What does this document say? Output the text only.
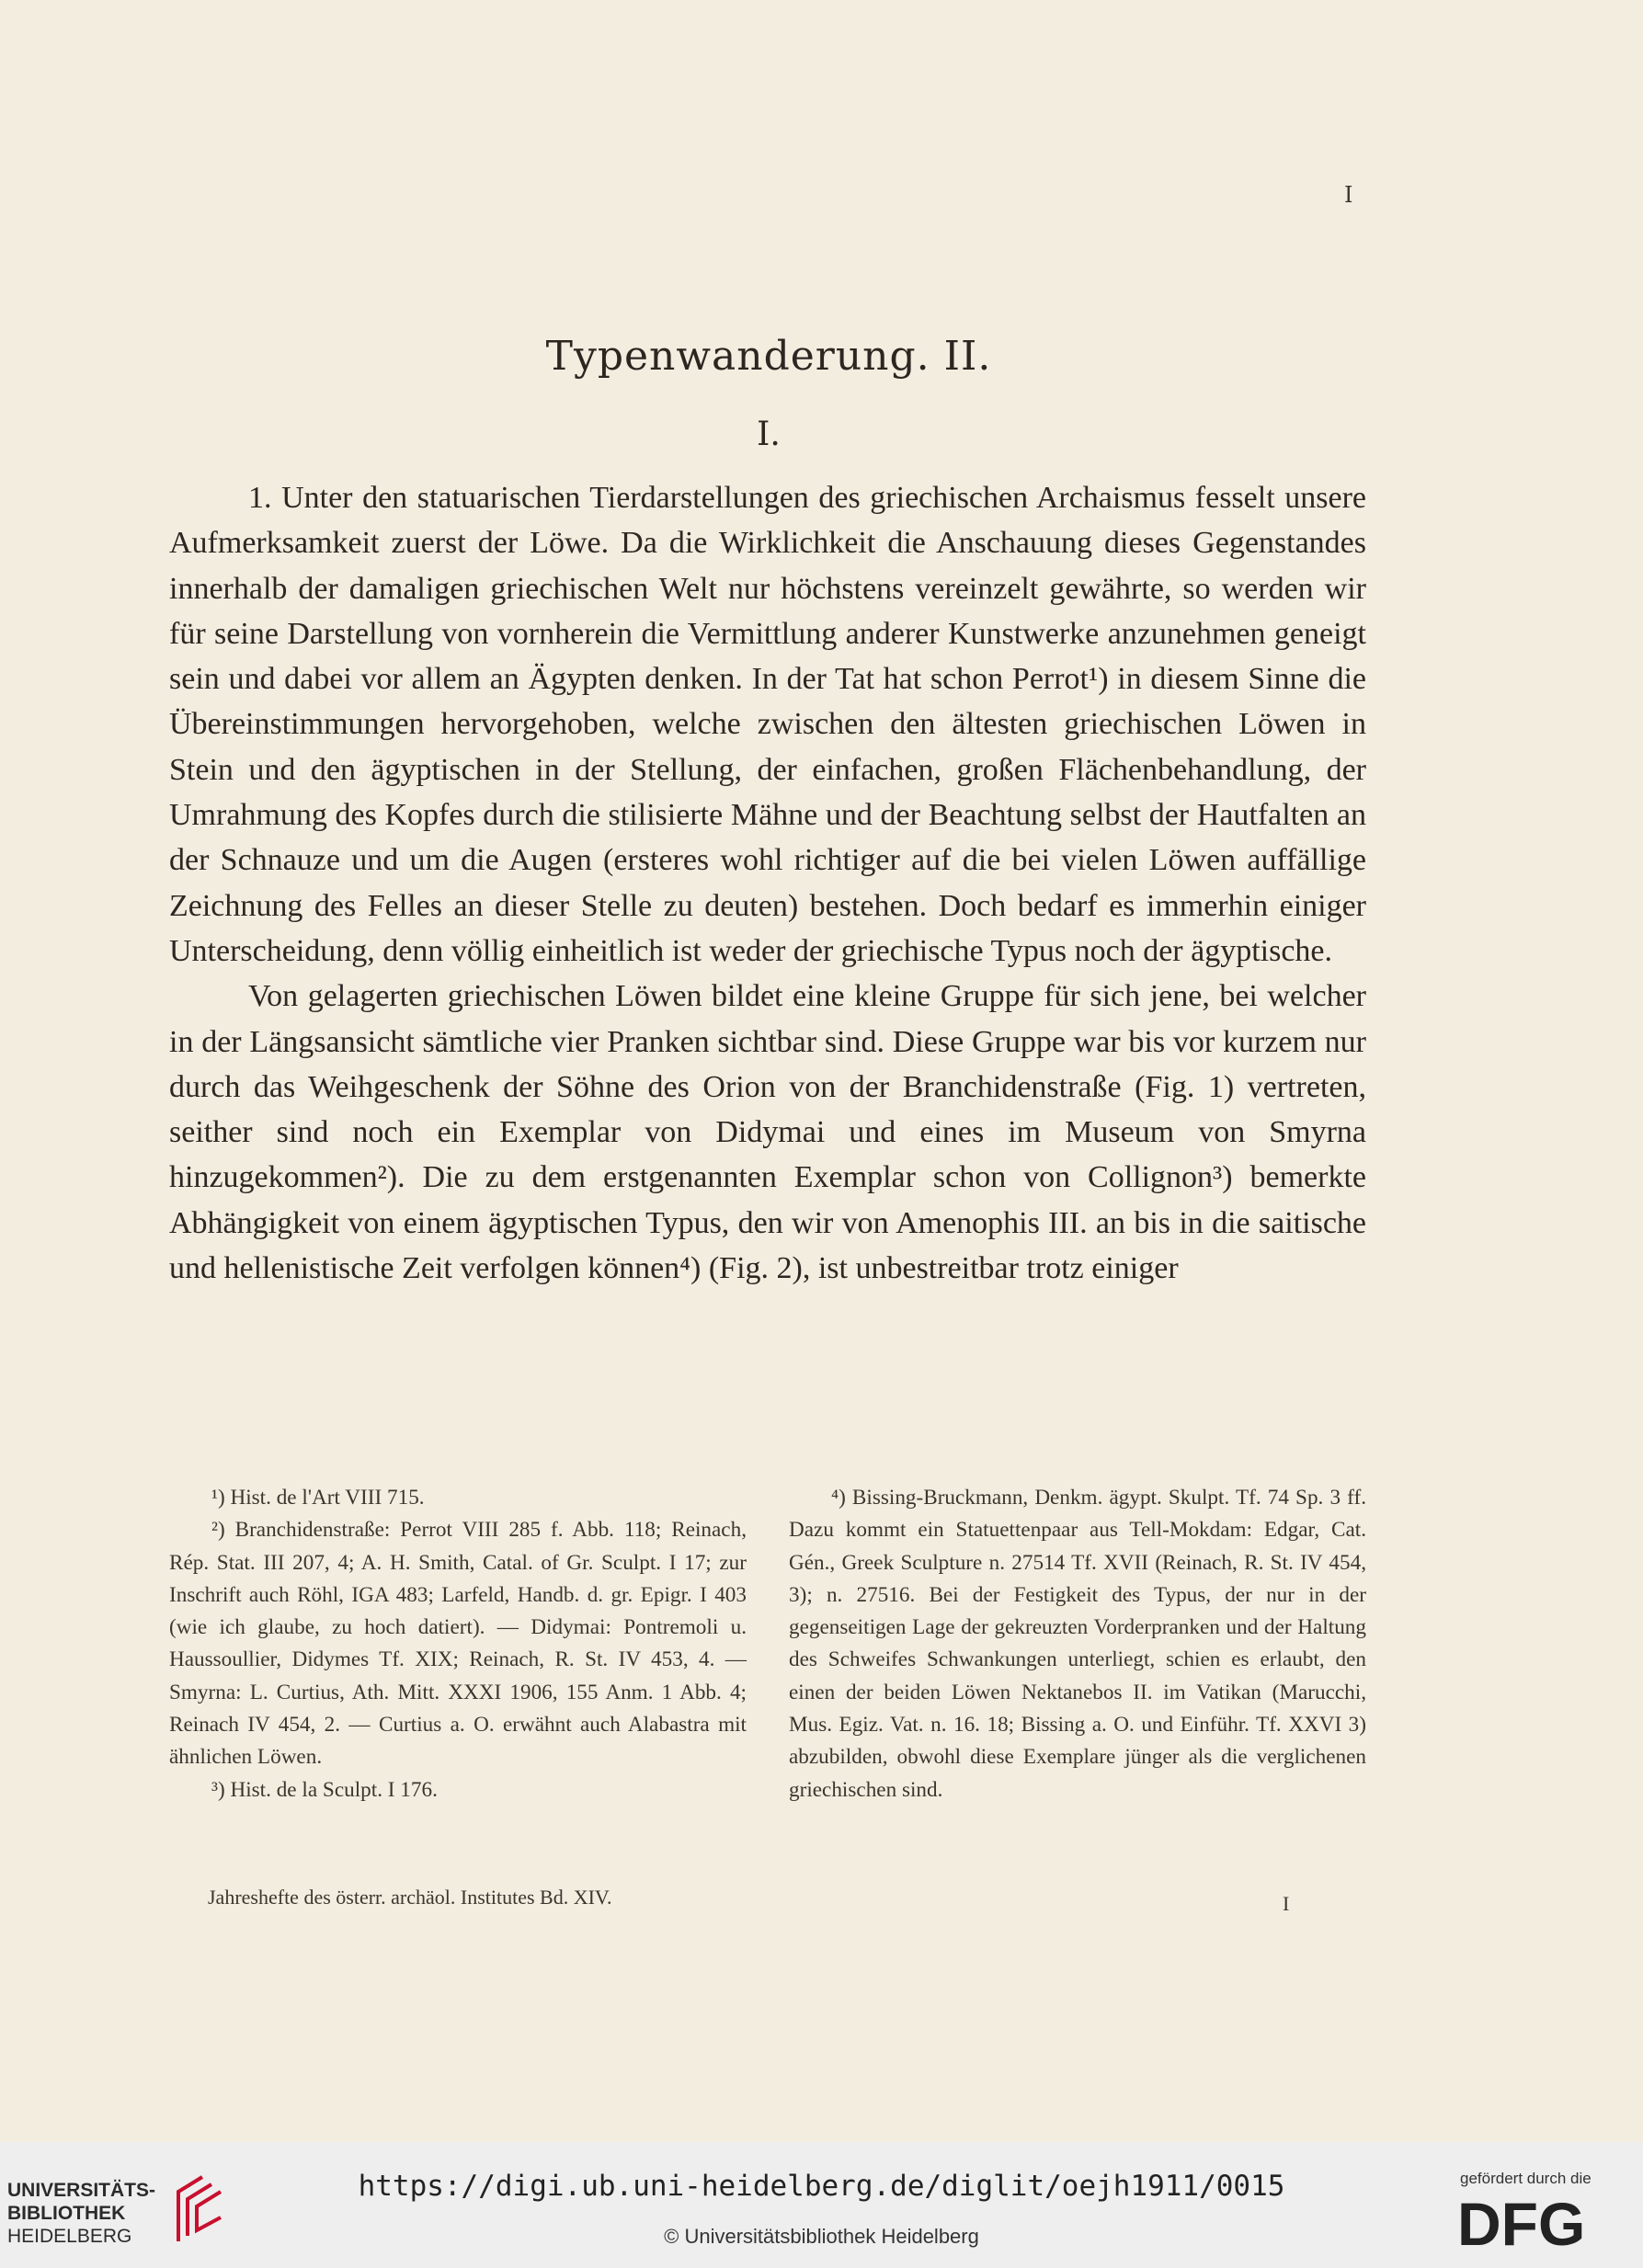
I
Typenwanderung. II.
I.

1. Unter den statuarischen Tierdarstellungen des griechischen Archaismus fesselt unsere Aufmerksamkeit zuerst der Löwe. Da die Wirklichkeit die Anschauung dieses Gegenstandes innerhalb der damaligen griechischen Welt nur höchstens vereinzelt gewährte, so werden wir für seine Darstellung von vornherein die Vermittlung anderer Kunstwerke anzunehmen geneigt sein und dabei vor allem an Ägypten denken. In der Tat hat schon Perrot¹) in diesem Sinne die Übereinstimmungen hervorgehoben, welche zwischen den ältesten griechischen Löwen in Stein und den ägyptischen in der Stellung, der einfachen, großen Flächenbehandlung, der Umrahmung des Kopfes durch die stilisierte Mähne und der Beachtung selbst der Hautfalten an der Schnauze und um die Augen (ersteres wohl richtiger auf die bei vielen Löwen auffällige Zeichnung des Felles an dieser Stelle zu deuten) bestehen. Doch bedarf es immerhin einiger Unterscheidung, denn völlig einheitlich ist weder der griechische Typus noch der ägyptische.

Von gelagerten griechischen Löwen bildet eine kleine Gruppe für sich jene, bei welcher in der Längsansicht sämtliche vier Pranken sichtbar sind. Diese Gruppe war bis vor kurzem nur durch das Weihgeschenk der Söhne des Orion von der Branchidenstraße (Fig. 1) vertreten, seither sind noch ein Exemplar von Didymai und eines im Museum von Smyrna hinzugekommen²). Die zu dem erstgenannten Exemplar schon von Collignon³) bemerkte Abhängigkeit von einem ägyptischen Typus, den wir von Amenophis III. an bis in die saitische und hellenistische Zeit verfolgen können⁴) (Fig. 2), ist unbestreitbar trotz einiger

¹) Hist. de l'Art VIII 715.

²) Branchidenstraße: Perrot VIII 285 f. Abb. 118; Reinach, Rép. Stat. III 207, 4; A. H. Smith, Catal. of Gr. Sculpt. I 17; zur Inschrift auch Röhl, IGA 483; Larfeld, Handb. d. gr. Epigr. I 403 (wie ich glaube, zu hoch datiert). — Didymai: Pontremoli u. Haussoullier, Didymes Tf. XIX; Reinach, R. St. IV 453, 4. — Smyrna: L. Curtius, Ath. Mitt. XXXI 1906, 155 Anm. 1 Abb. 4; Reinach IV 454, 2. — Curtius a. O. erwähnt auch Alabastra mit ähnlichen Löwen.

³) Hist. de la Sculpt. I 176.

⁴) Bissing-Bruckmann, Denkm. ägypt. Skulpt. Tf. 74 Sp. 3 ff. Dazu kommt ein Statuettenpaar aus Tell-Mokdam: Edgar, Cat. Gén., Greek Sculpture n. 27514 Tf. XVII (Reinach, R. St. IV 454, 3); n. 27516. Bei der Festigkeit des Typus, der nur in der gegenseitigen Lage der gekreuzten Vorderpranken und der Haltung des Schweifes Schwankungen unterliegt, schien es erlaubt, den einen der beiden Löwen Nektanebos II. im Vatikan (Marucchi, Mus. Egiz. Vat. n. 16. 18; Bissing a. O. und Einführ. Tf. XXVI 3) abzubilden, obwohl diese Exemplare jünger als die verglichenen griechischen sind.

Jahreshefte des österr. archäol. Institutes Bd. XIV.	I
UNIVERSITÄTS-
BIBLIOTHEK
HEIDELBERG
https://digi.ub.uni-heidelberg.de/diglit/oejh1911/0015
© Universitätsbibliothek Heidelberg
gefördert durch die
DFG
